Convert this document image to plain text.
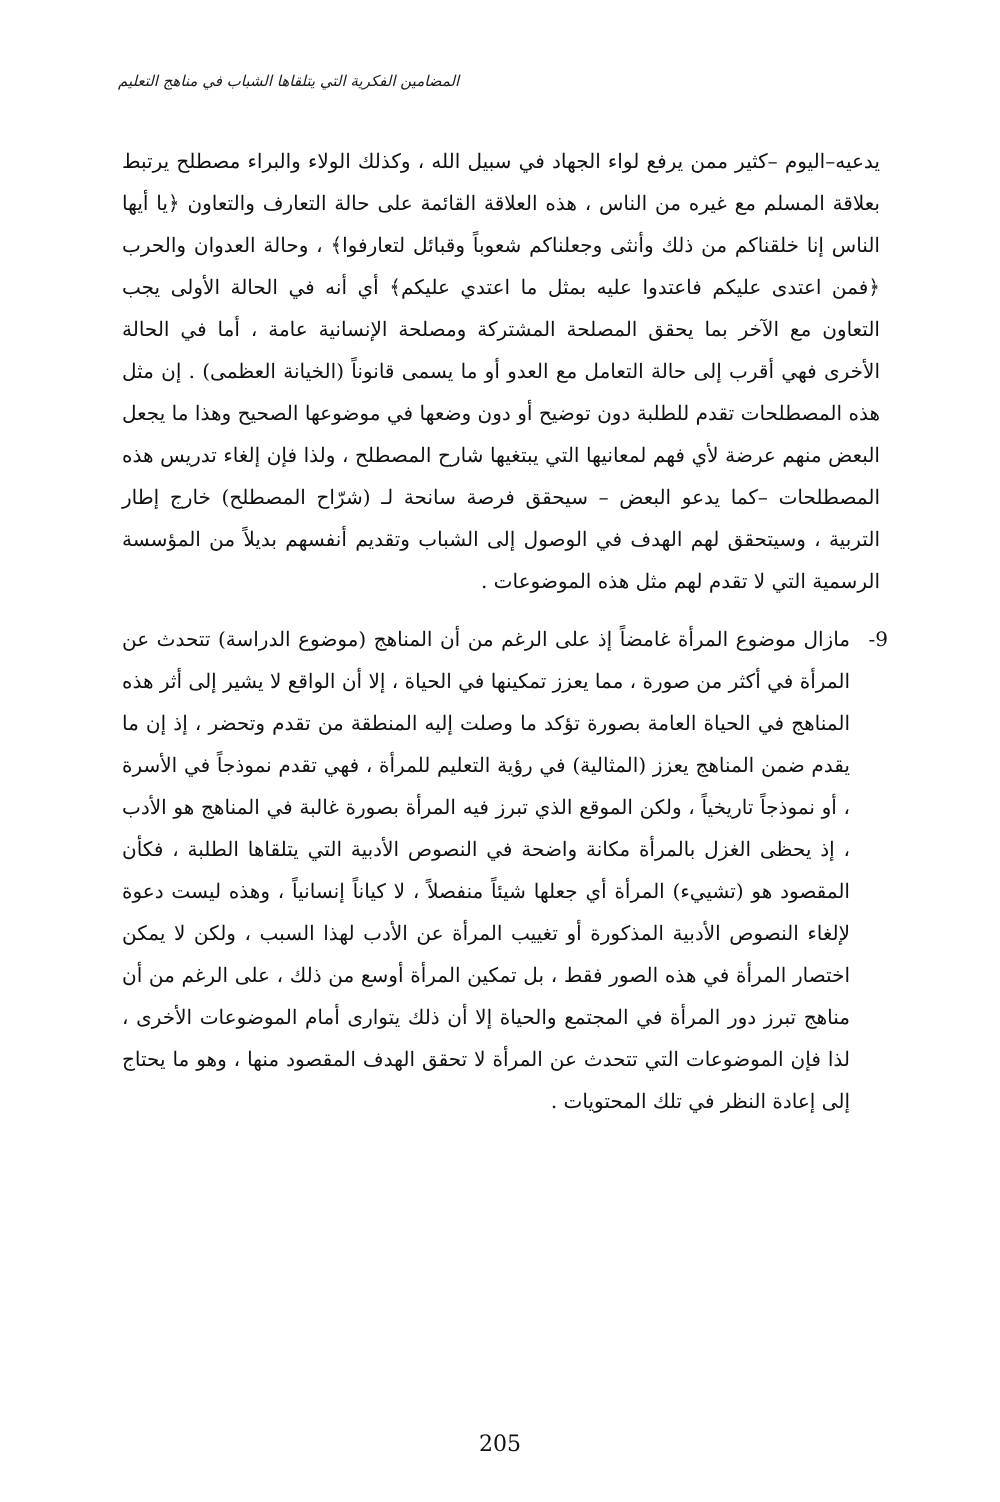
المضامين الفكرية التي يتلقاها الشباب في مناهج التعليم

يدعيه–اليوم –كثير ممن يرفع لواء الجهاد في سبيل الله ، وكذلك الولاء والبراء مصطلح يرتبط بعلاقة المسلم مع غيره من الناس ، هذه العلاقة القائمة على حالة التعارف والتعاون ﴿يا أيها الناس إنا خلقناكم من ذلك وأنثى وجعلناكم شعوباً وقبائل لتعارفوا﴾ ، وحالة العدوان والحرب ﴿فمن اعتدى عليكم فاعتدوا عليه بمثل ما اعتدي عليكم﴾ أي أنه في الحالة الأولى يجب التعاون مع الآخر بما يحقق المصلحة المشتركة ومصلحة الإنسانية عامة ، أما في الحالة الأخرى فهي أقرب إلى حالة التعامل مع العدو أو ما يسمى قانوناً (الخيانة العظمى) . إن مثل هذه المصطلحات تقدم للطلبة دون توضيح أو دون وضعها في موضوعها الصحيح وهذا ما يجعل البعض منهم عرضة لأي فهم لمعانيها التي يبتغيها شارح المصطلح ، ولذا فإن إلغاء تدريس هذه المصطلحات –كما يدعو البعض – سيحقق فرصة سانحة لـ (شرّاح المصطلح) خارج إطار التربية ، وسيتحقق لهم الهدف في الوصول إلى الشباب وتقديم أنفسهم بديلاً من المؤسسة الرسمية التي لا تقدم لهم مثل هذه الموضوعات .

9-
مازال موضوع المرأة غامضاً إذ على الرغم من أن المناهج (موضوع الدراسة) تتحدث عن المرأة في أكثر من صورة ، مما يعزز تمكينها في الحياة ، إلا أن الواقع لا يشير إلى أثر هذه المناهج في الحياة العامة بصورة تؤكد ما وصلت إليه المنطقة من تقدم وتحضر ، إذ إن ما يقدم ضمن المناهج يعزز (المثالية) في رؤية التعليم للمرأة ، فهي تقدم نموذجاً في الأسرة ، أو نموذجاً تاريخياً ، ولكن الموقع الذي تبرز فيه المرأة بصورة غالبة في المناهج هو الأدب ، إذ يحظى الغزل بالمرأة مكانة واضحة في النصوص الأدبية التي يتلقاها الطلبة ، فكأن المقصود هو (تشييء) المرأة أي جعلها شيئاً منفصلاً ، لا كياناً إنسانياً ، وهذه ليست دعوة لإلغاء النصوص الأدبية المذكورة أو تغييب المرأة عن الأدب لهذا السبب ، ولكن لا يمكن اختصار المرأة في هذه الصور فقط ، بل تمكين المرأة أوسع من ذلك ، على الرغم من أن مناهج تبرز دور المرأة في المجتمع والحياة إلا أن ذلك يتوارى أمام الموضوعات الأخرى ، لذا فإن الموضوعات التي تتحدث عن المرأة لا تحقق الهدف المقصود منها ، وهو ما يحتاج إلى إعادة النظر في تلك المحتويات .
205
